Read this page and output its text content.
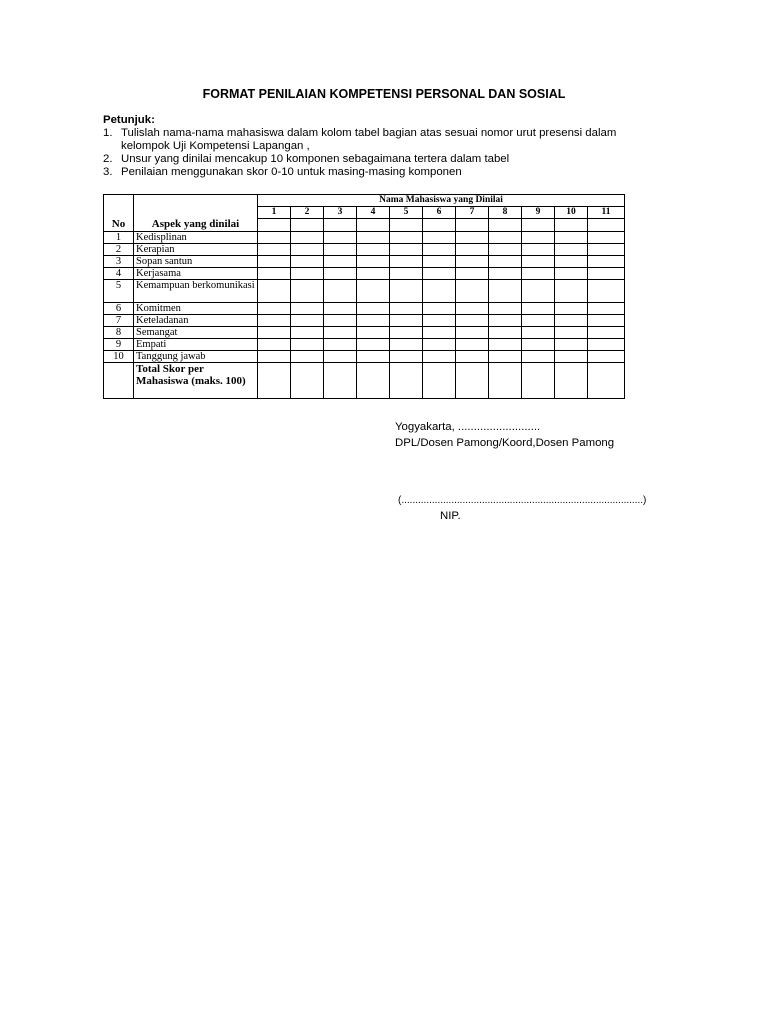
FORMAT PENILAIAN KOMPETENSI PERSONAL DAN SOSIAL
Petunjuk:
1. Tulislah nama-nama mahasiswa dalam kolom tabel bagian atas sesuai nomor urut presensi dalam kelompok Uji Kompetensi Lapangan ,
2. Unsur yang dinilai mencakup 10 komponen sebagaimana tertera dalam tabel
3. Penilaian menggunakan skor 0-10 untuk masing-masing komponen
		Nama Mahasiswa yang Dinilai										
		1	2	3	4	5	6	7	8	9	10	11
No	Aspek yang dinilai											
1	Kedisplinan											
2	Kerapian											
3	Sopan santun											
4	Kerjasama											
5	Kemampuan berkomunikasi											
6	Komitmen											
7	Keteladanan											
8	Semangat											
9	Empati											
10	Tanggung jawab											
	Total Skor per Mahasiswa (maks. 100)											
Yogyakarta, ..........................
DPL/Dosen Pamong/Koord,Dosen Pamong
(.......................................................................................)
NIP.
